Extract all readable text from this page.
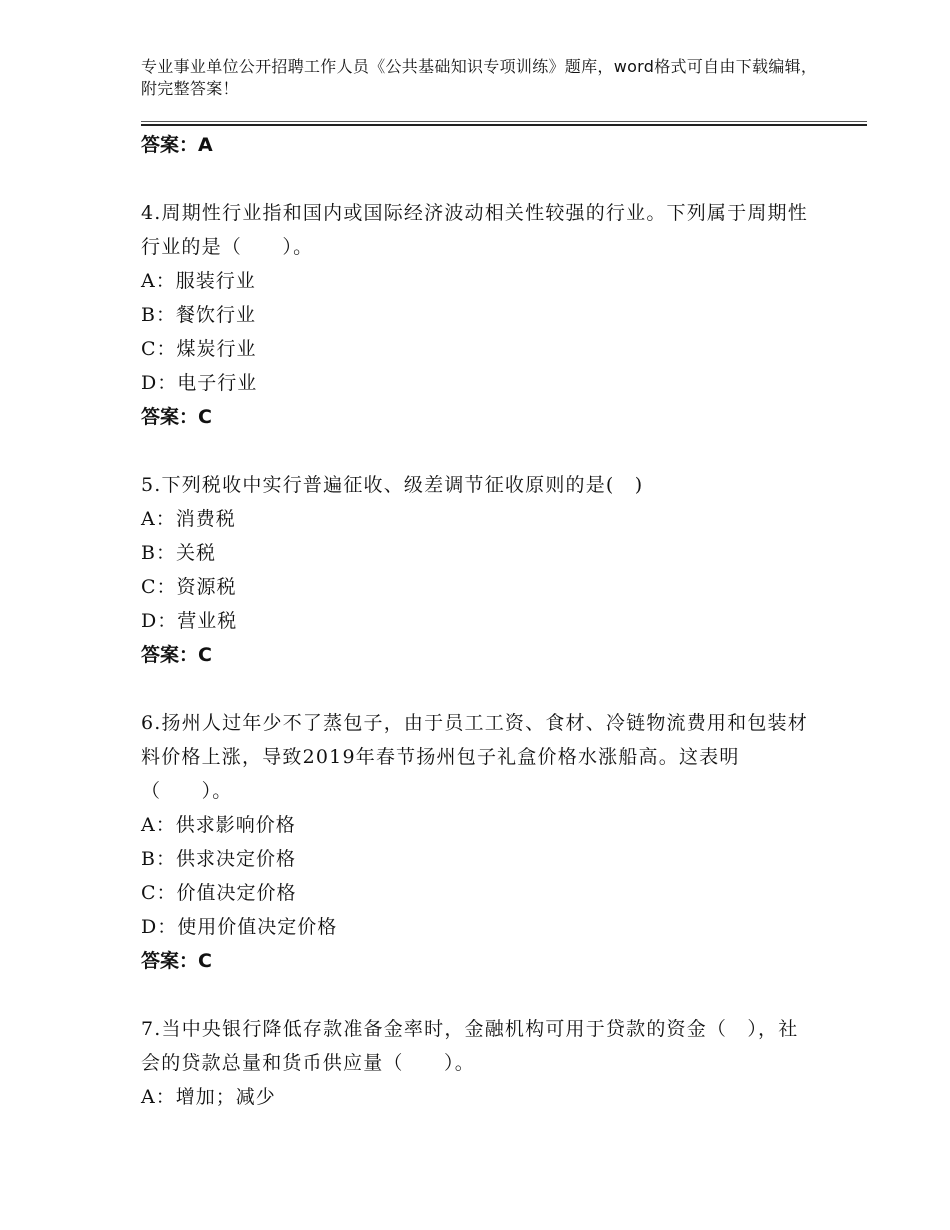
专业事业单位公开招聘工作人员《公共基础知识专项训练》题库，word格式可自由下载编辑，附完整答案！
答案：A
4.周期性行业指和国内或国际经济波动相关性较强的行业。下列属于周期性行业的是（　　）。
A：服装行业
B：餐饮行业
C：煤炭行业
D：电子行业
答案：C
5.下列税收中实行普遍征收、级差调节征收原则的是(　)
A：消费税
B：关税
C：资源税
D：营业税
答案：C
6.扬州人过年少不了蒸包子，由于员工工资、食材、冷链物流费用和包装材料价格上涨，导致2019年春节扬州包子礼盒价格水涨船高。这表明（　　）。
A：供求影响价格
B：供求决定价格
C：价值决定价格
D：使用价值决定价格
答案：C
7.当中央银行降低存款准备金率时，金融机构可用于贷款的资金（　），社会的贷款总量和货币供应量（　　）。
A：增加；减少
